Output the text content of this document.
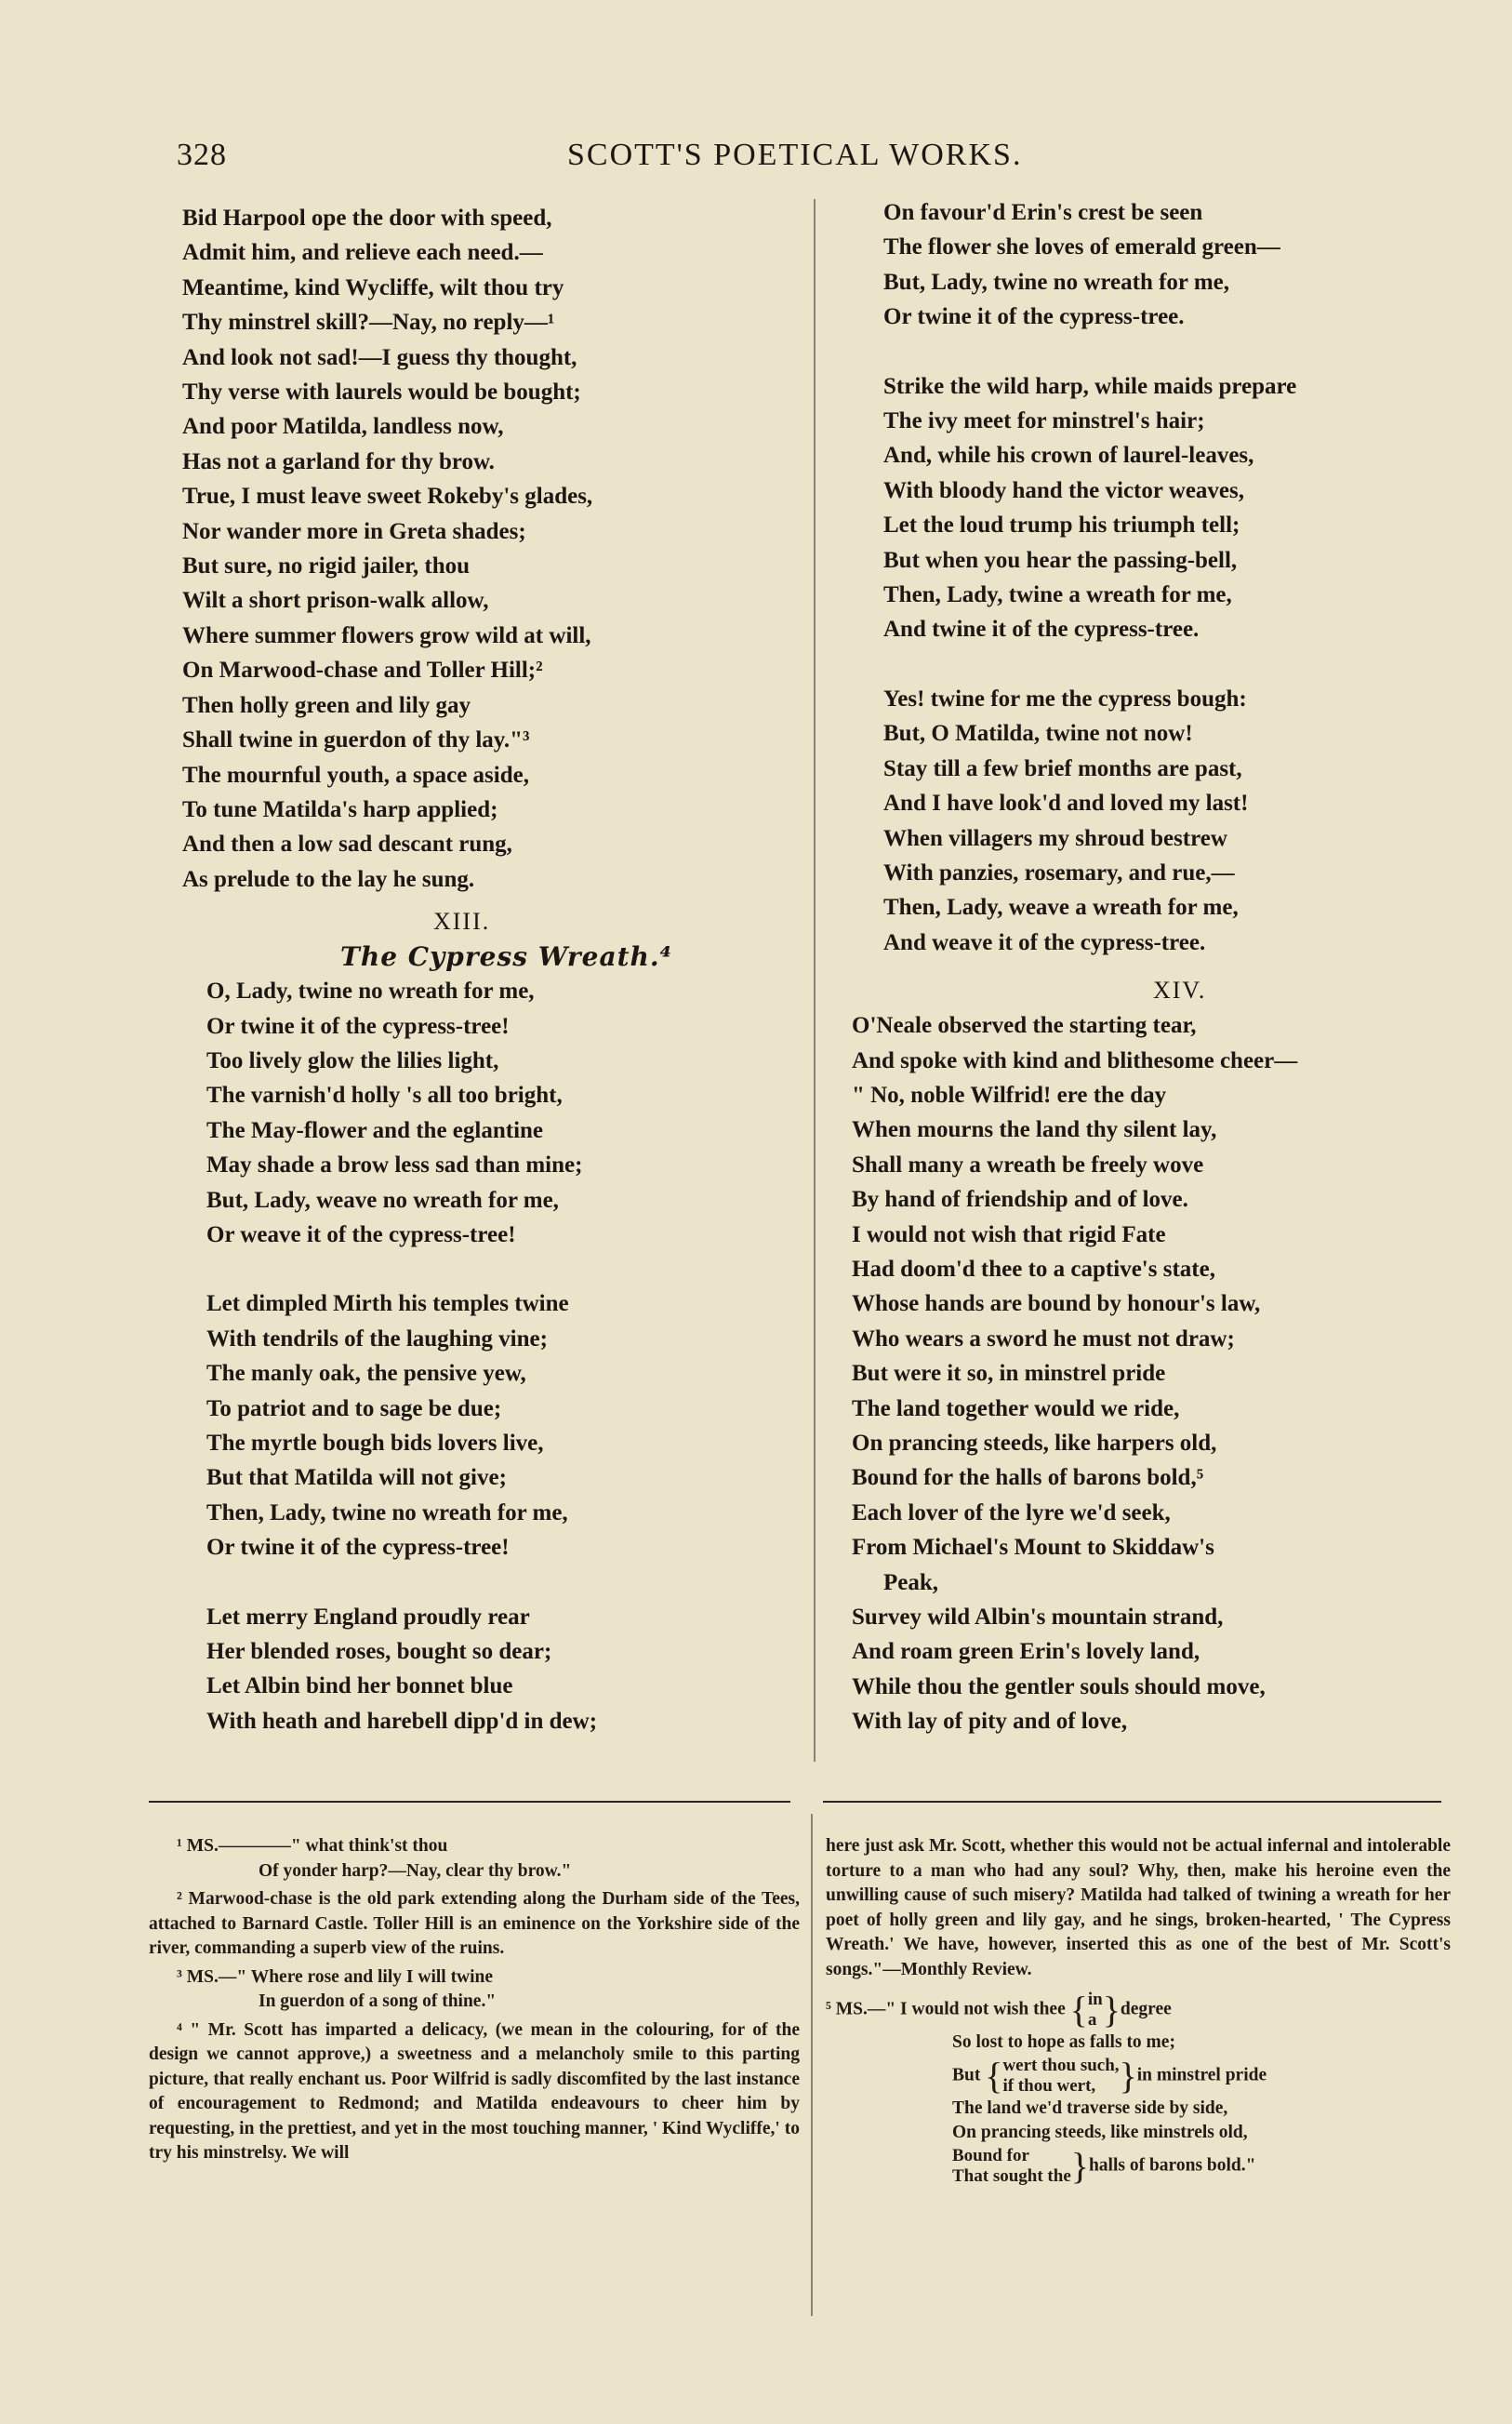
328	SCOTT'S POETICAL WORKS.
Bid Harpool ope the door with speed,
Admit him, and relieve each need.—
Meantime, kind Wycliffe, wilt thou try
Thy minstrel skill?—Nay, no reply—¹
And look not sad!—I guess thy thought,
Thy verse with laurels would be bought;
And poor Matilda, landless now,
Has not a garland for thy brow.
True, I must leave sweet Rokeby's glades,
Nor wander more in Greta shades;
But sure, no rigid jailer, thou
Wilt a short prison-walk allow,
Where summer flowers grow wild at will,
On Marwood-chase and Toller Hill;²
Then holly green and lily gay
Shall twine in guerdon of thy lay."³
The mournful youth, a space aside,
To tune Matilda's harp applied;
And then a low sad descant rung,
As prelude to the lay he sung.
XIII.
The Cypress Wreath.⁴
O, Lady, twine no wreath for me,
Or twine it of the cypress-tree!
Too lively glow the lilies light,
The varnish'd holly 's all too bright,
The May-flower and the eglantine
May shade a brow less sad than mine;
But, Lady, weave no wreath for me,
Or weave it of the cypress-tree!
Let dimpled Mirth his temples twine
With tendrils of the laughing vine;
The manly oak, the pensive yew,
To patriot and to sage be due;
The myrtle bough bids lovers live,
But that Matilda will not give;
Then, Lady, twine no wreath for me,
Or twine it of the cypress-tree!
Let merry England proudly rear
Her blended roses, bought so dear;
Let Albin bind her bonnet blue
With heath and harebell dipp'd in dew;
On favour'd Erin's crest be seen
The flower she loves of emerald green—
But, Lady, twine no wreath for me,
Or twine it of the cypress-tree.
Strike the wild harp, while maids prepare
The ivy meet for minstrel's hair;
And, while his crown of laurel-leaves,
With bloody hand the victor weaves,
Let the loud trump his triumph tell;
But when you hear the passing-bell,
Then, Lady, twine a wreath for me,
And twine it of the cypress-tree.
Yes! twine for me the cypress bough:
But, O Matilda, twine not now!
Stay till a few brief months are past,
And I have look'd and loved my last!
When villagers my shroud bestrew
With panzies, rosemary, and rue,—
Then, Lady, weave a wreath for me,
And weave it of the cypress-tree.
XIV.
O'Neale observed the starting tear,
And spoke with kind and blithesome cheer—
" No, noble Wilfrid! ere the day
When mourns the land thy silent lay,
Shall many a wreath be freely wove
By hand of friendship and of love.
I would not wish that rigid Fate
Had doom'd thee to a captive's state,
Whose hands are bound by honour's law,
Who wears a sword he must not draw;
But were it so, in minstrel pride
The land together would we ride,
On prancing steeds, like harpers old,
Bound for the halls of barons bold,⁵
Each lover of the lyre we'd seek,
From Michael's Mount to Skiddaw's
Peak,
Survey wild Albin's mountain strand,
And roam green Erin's lovely land,
While thou the gentler souls should move,
With lay of pity and of love,
¹ MS.————" what think'st thou
Of yonder harp?—Nay, clear thy brow."
² Marwood-chase is the old park extending along the Durham side of the Tees, attached to Barnard Castle. Toller Hill is an eminence on the Yorkshire side of the river, commanding a superb view of the ruins.
³ MS.—" Where rose and lily I will twine
In guerdon of a song of thine."
⁴ " Mr. Scott has imparted a delicacy, (we mean in the colouring, for of the design we cannot approve,) a sweetness and a melancholy smile to this parting picture, that really enchant us. Poor Wilfrid is sadly discomfited by the last instance of encouragement to Redmond; and Matilda endeavours to cheer him by requesting, in the prettiest, and yet in the most touching manner, ' Kind Wycliffe,' to try his minstrelsy. We will
here just ask Mr. Scott, whether this would not be actual infernal and intolerable torture to a man who had any soul? Why, then, make his heroine even the unwilling cause of such misery? Matilda had talked of twining a wreath for her poet of holly green and lily gay, and he sings, broken-hearted, ' The Cypress Wreath.' We have, however, inserted this as one of the best of Mr. Scott's songs."—Monthly Review.
⁵ MS.—" I would not wish thee { in
a }degree
So lost to hope as falls to me;
But { wert thou such,
if thou wert, }in minstrel pride
The land we'd traverse side by side,
On prancing steeds, like minstrels old,
Bound for
That sought the }halls of barons bold."
